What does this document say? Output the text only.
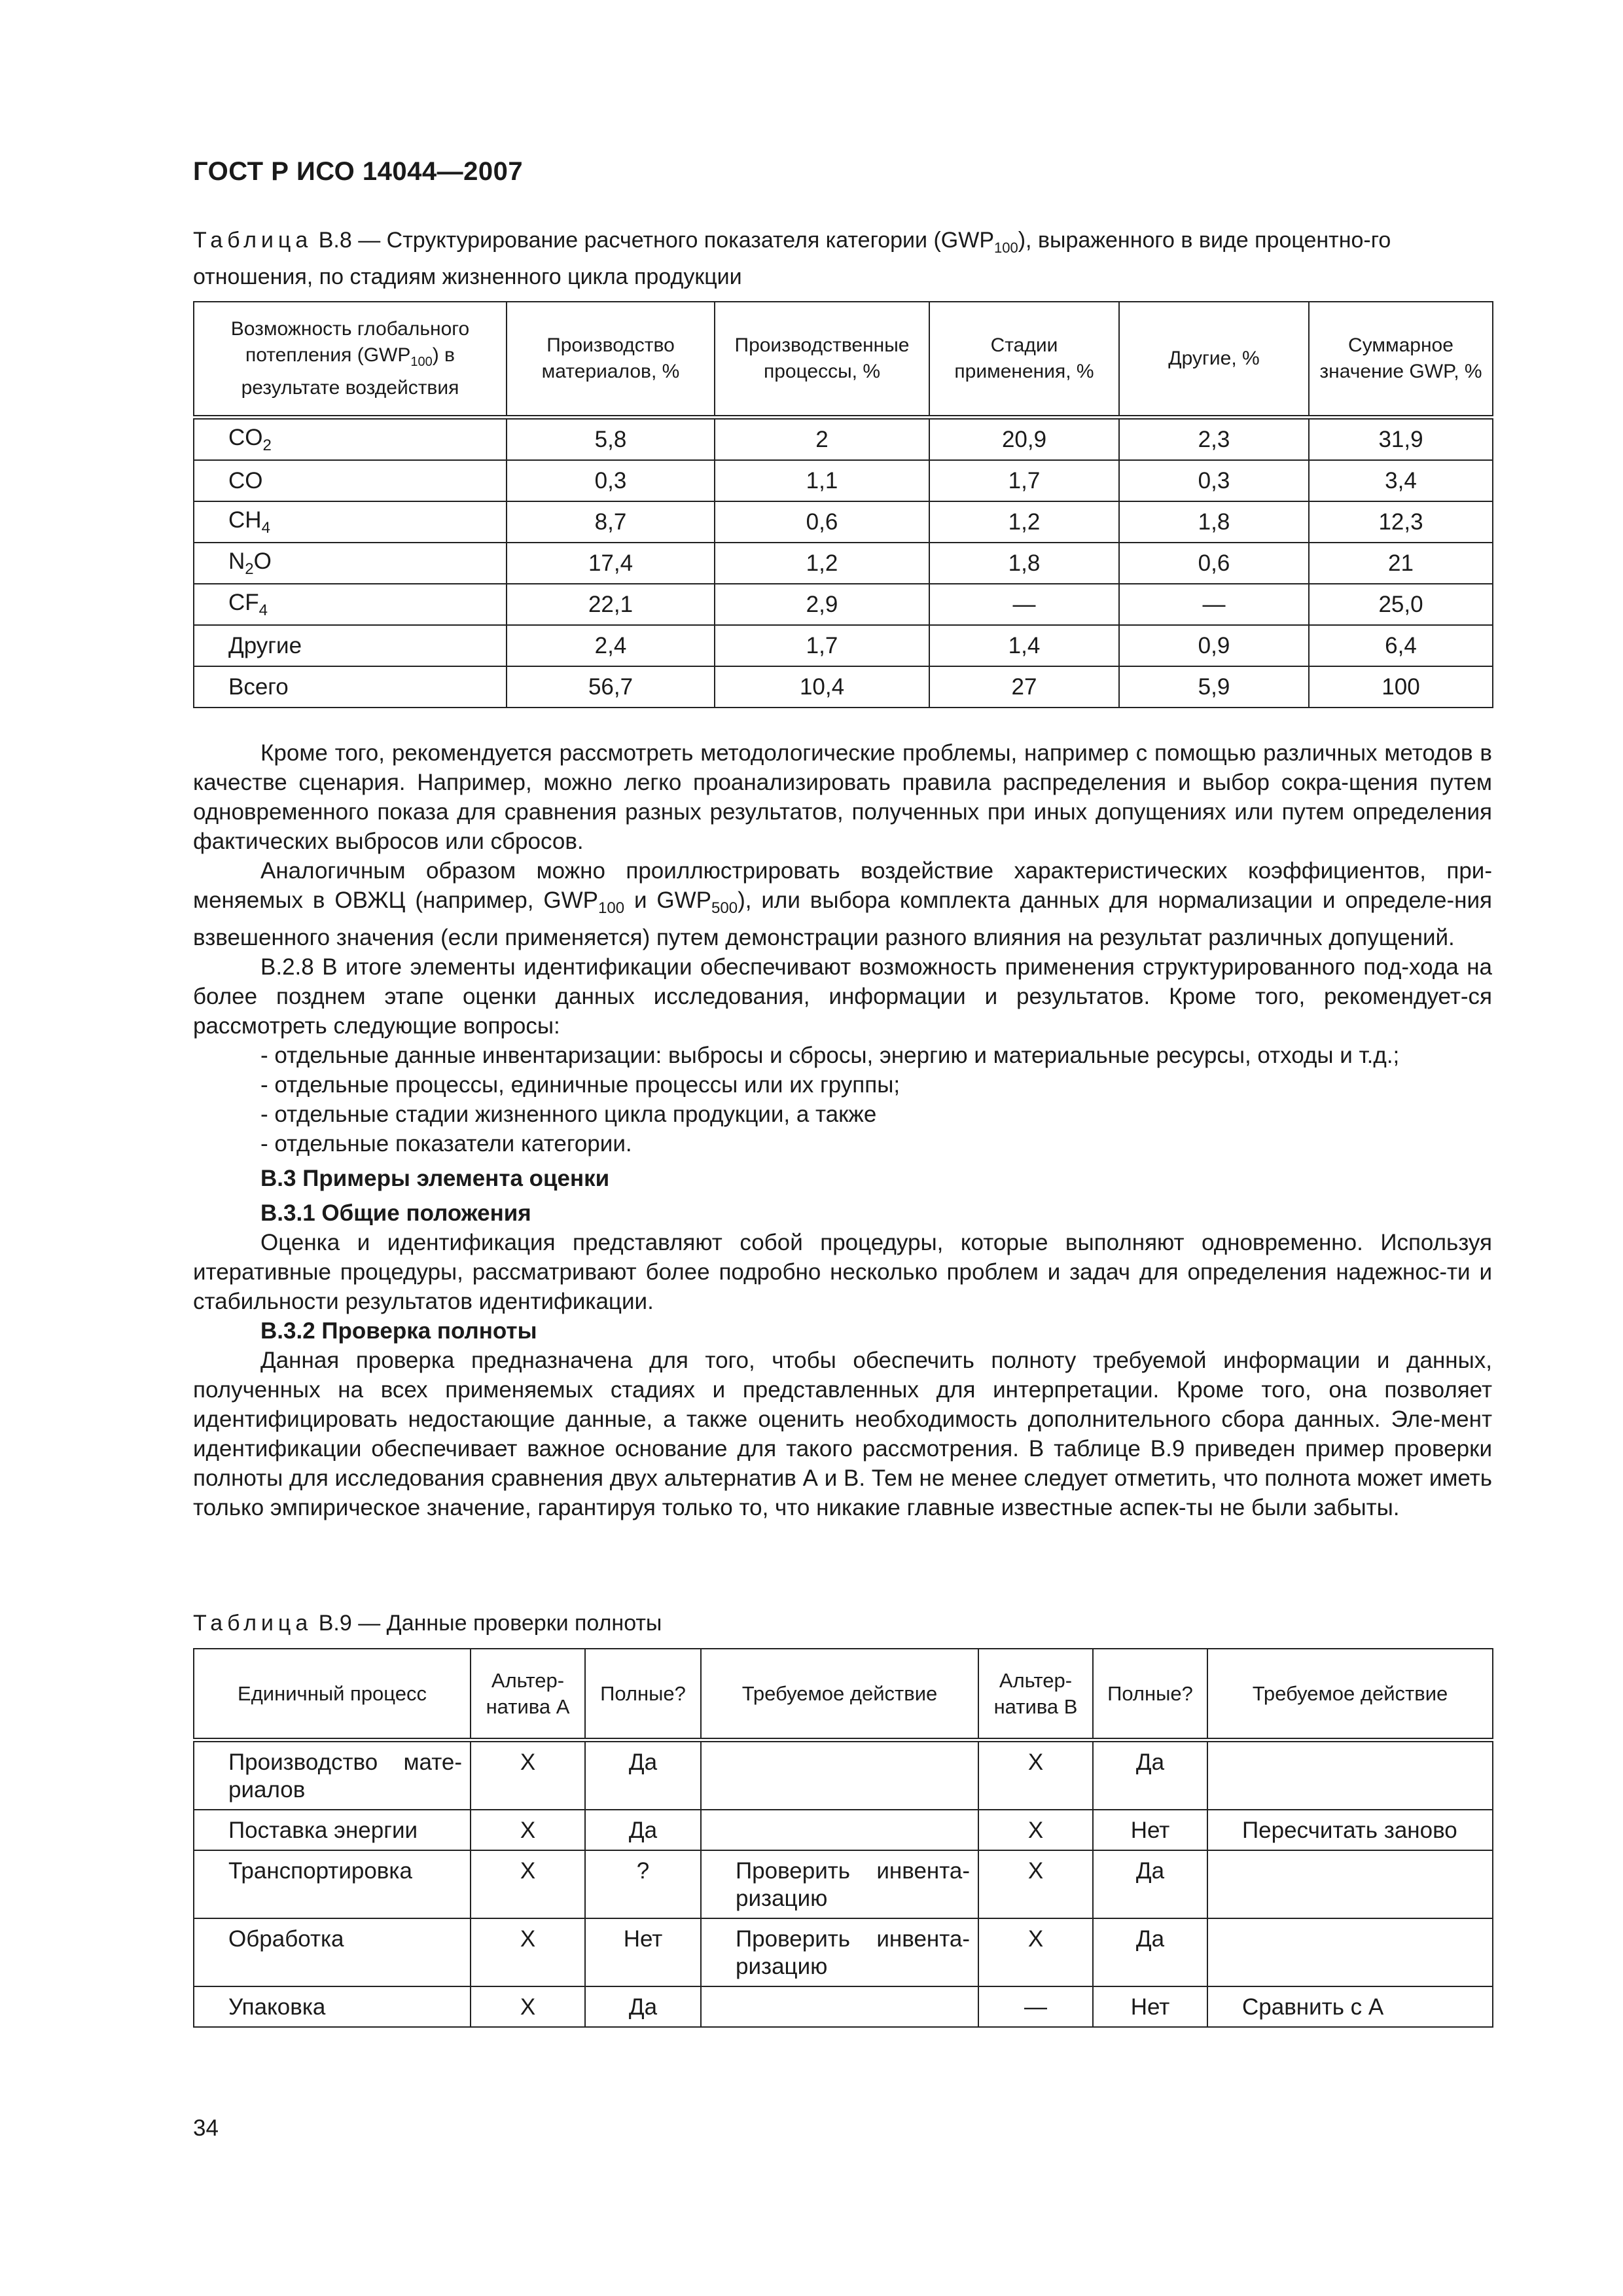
ГОСТ Р ИСО 14044—2007
Таблица В.8 — Структурирование расчетного показателя категории $(GWP_{100})$, выраженного в виде процентно-го отношения, по стадиям жизненного цикла продукции
Возможность глобального потепления $(GWP_{100})$ в результате воздействия	Производство материалов, %	Производственные процессы, %	Стадии применения, %	Другие, %	Суммарное значение GWP, %
$CO_2$	5,8	2	20,9	2,3	31,9
CO	0,3	1,1	1,7	0,3	3,4
$CH_4$	8,7	0,6	1,2	1,8	12,3
$N_2O$	17,4	1,2	1,8	0,6	21
$CF_4$	22,1	2,9	—	—	25,0
Другие	2,4	1,7	1,4	0,9	6,4
Всего	56,7	10,4	27	5,9	100

Кроме того, рекомендуется рассмотреть методологические проблемы, например с помощью различных методов в качестве сценария. Например, можно легко проанализировать правила распределения и выбор сокра-щения путем одновременного показа для сравнения разных результатов, полученных при иных допущениях или путем определения фактических выбросов или сбросов.

Аналогичным образом можно проиллюстрировать воздействие характеристических коэффициентов, при-меняемых в ОВЖЦ (например, $GWP_{100}$ и $GWP_{500}$), или выбора комплекта данных для нормализации и определе-ния взвешенного значения (если применяется) путем демонстрации разного влияния на результат различных допущений.

В.2.8 В итоге элементы идентификации обеспечивают возможность применения структурированного под-хода на более позднем этапе оценки данных исследования, информации и результатов. Кроме того, рекомендует-ся рассмотреть следующие вопросы:

- отдельные данные инвентаризации: выбросы и сбросы, энергию и материальные ресурсы, отходы и т.д.;

- отдельные процессы, единичные процессы или их группы;

- отдельные стадии жизненного цикла продукции, а также

- отдельные показатели категории.

В.3 Примеры элемента оценки

В.3.1 Общие положения

Оценка и идентификация представляют собой процедуры, которые выполняют одновременно. Используя итеративные процедуры, рассматривают более подробно несколько проблем и задач для определения надежнос-ти и стабильности результатов идентификации.

В.3.2 Проверка полноты

Данная проверка предназначена для того, чтобы обеспечить полноту требуемой информации и данных, полученных на всех применяемых стадиях и представленных для интерпретации. Кроме того, она позволяет идентифицировать недостающие данные, а также оценить необходимость дополнительного сбора данных. Эле-мент идентификации обеспечивает важное основание для такого рассмотрения. В таблице В.9 приведен пример проверки полноты для исследования сравнения двух альтернатив А и В. Тем не менее следует отметить, что полнота может иметь только эмпирическое значение, гарантируя только то, что никакие главные известные аспек-ты не были забыты.

Таблица В.9 — Данные проверки полноты
Единичный процесс	Альтер-натива А	Полные?	Требуемое действие	Альтер-натива В	Полные?	Требуемое действие
Производство мате-риалов	X	Да		X	Да	
Поставка энергии	X	Да		X	Нет	Пересчитать заново
Транспортировка	X	?	Проверить инвента-ризацию	X	Да	
Обработка	X	Нет	Проверить инвента-ризацию	X	Да	
Упаковка	X	Да		—	Нет	Сравнить с А
34
